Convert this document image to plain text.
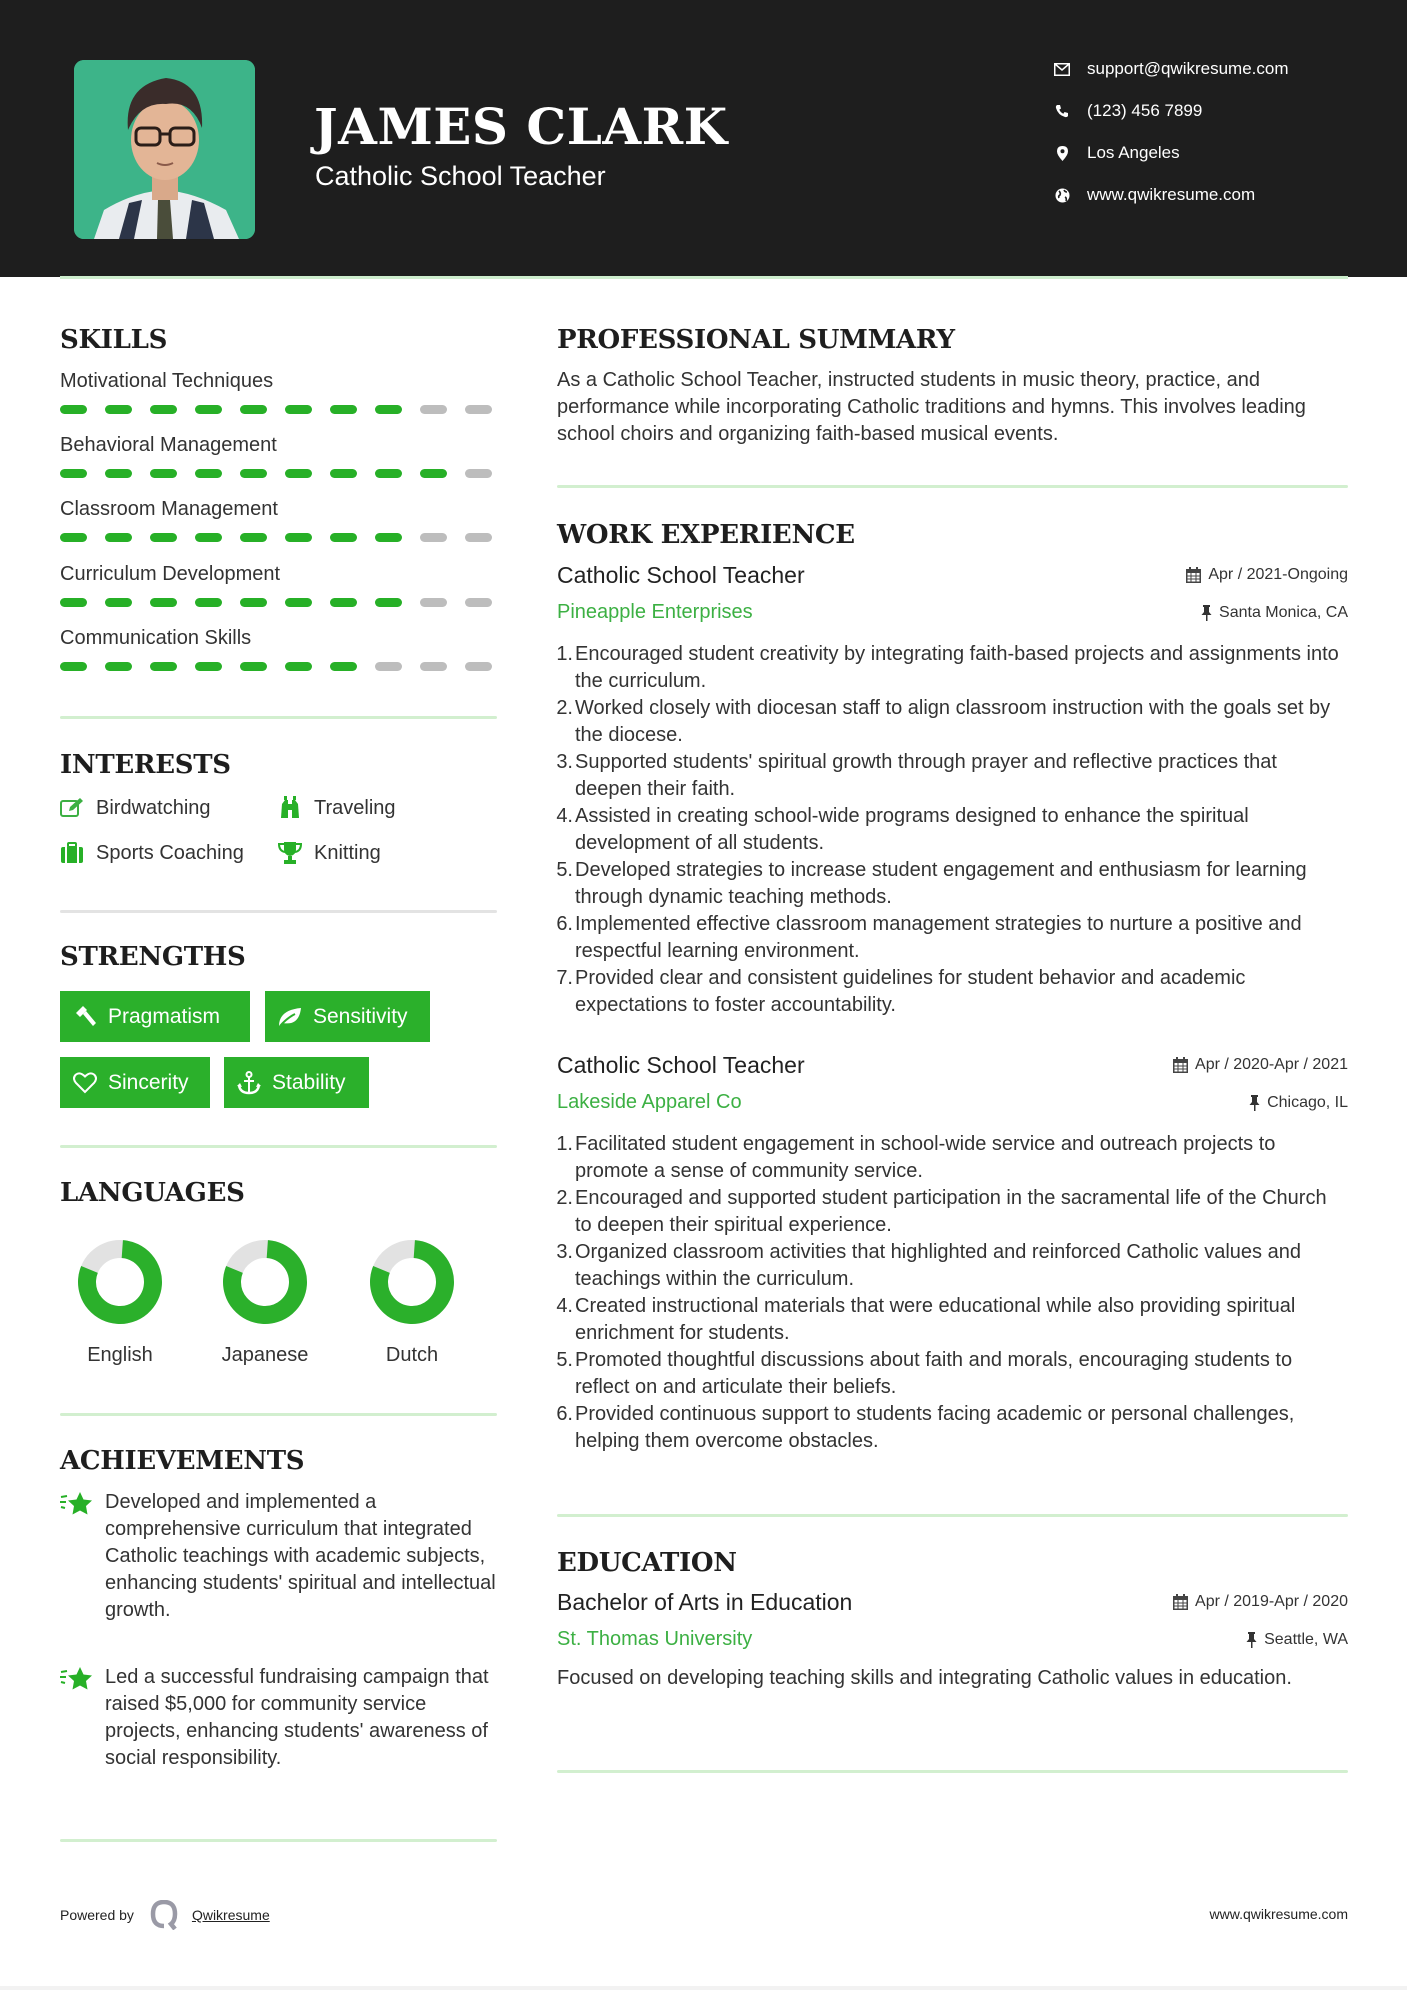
JAMES CLARK
Catholic School Teacher
support@qwikresume.com
(123) 456 7899
Los Angeles
www.qwikresume.com
SKILLS
Motivational Techniques
Behavioral Management
Classroom Management
Curriculum Development
Communication Skills
INTERESTS
Birdwatching	Traveling
Sports Coaching	Knitting
STRENGTHS
Pragmatism	Sensitivity
Sincerity	Stability
LANGUAGES
English	Japanese	Dutch
ACHIEVEMENTS
Developed and implemented a comprehensive curriculum that integrated Catholic teachings with academic subjects, enhancing students' spiritual and intellectual growth.
Led a successful fundraising campaign that raised $5,000 for community service projects, enhancing students' awareness of social responsibility.
PROFESSIONAL SUMMARY
As a Catholic School Teacher, instructed students in music theory, practice, and performance while incorporating Catholic traditions and hymns. This involves leading school choirs and organizing faith-based musical events.
WORK EXPERIENCE
Catholic School Teacher	Apr / 2021-Ongoing
Pineapple Enterprises	Santa Monica, CA
1. Encouraged student creativity by integrating faith-based projects and assignments into the curriculum.
2. Worked closely with diocesan staff to align classroom instruction with the goals set by the diocese.
3. Supported students' spiritual growth through prayer and reflective practices that deepen their faith.
4. Assisted in creating school-wide programs designed to enhance the spiritual development of all students.
5. Developed strategies to increase student engagement and enthusiasm for learning through dynamic teaching methods.
6. Implemented effective classroom management strategies to nurture a positive and respectful learning environment.
7. Provided clear and consistent guidelines for student behavior and academic expectations to foster accountability.
Catholic School Teacher	Apr / 2020-Apr / 2021
Lakeside Apparel Co	Chicago, IL
1. Facilitated student engagement in school-wide service and outreach projects to promote a sense of community service.
2. Encouraged and supported student participation in the sacramental life of the Church to deepen their spiritual experience.
3. Organized classroom activities that highlighted and reinforced Catholic values and teachings within the curriculum.
4. Created instructional materials that were educational while also providing spiritual enrichment for students.
5. Promoted thoughtful discussions about faith and morals, encouraging students to reflect on and articulate their beliefs.
6. Provided continuous support to students facing academic or personal challenges, helping them overcome obstacles.
EDUCATION
Bachelor of Arts in Education	Apr / 2019-Apr / 2020
St. Thomas University	Seattle, WA
Focused on developing teaching skills and integrating Catholic values in education.
Powered by	Qwikresume	www.qwikresume.com
